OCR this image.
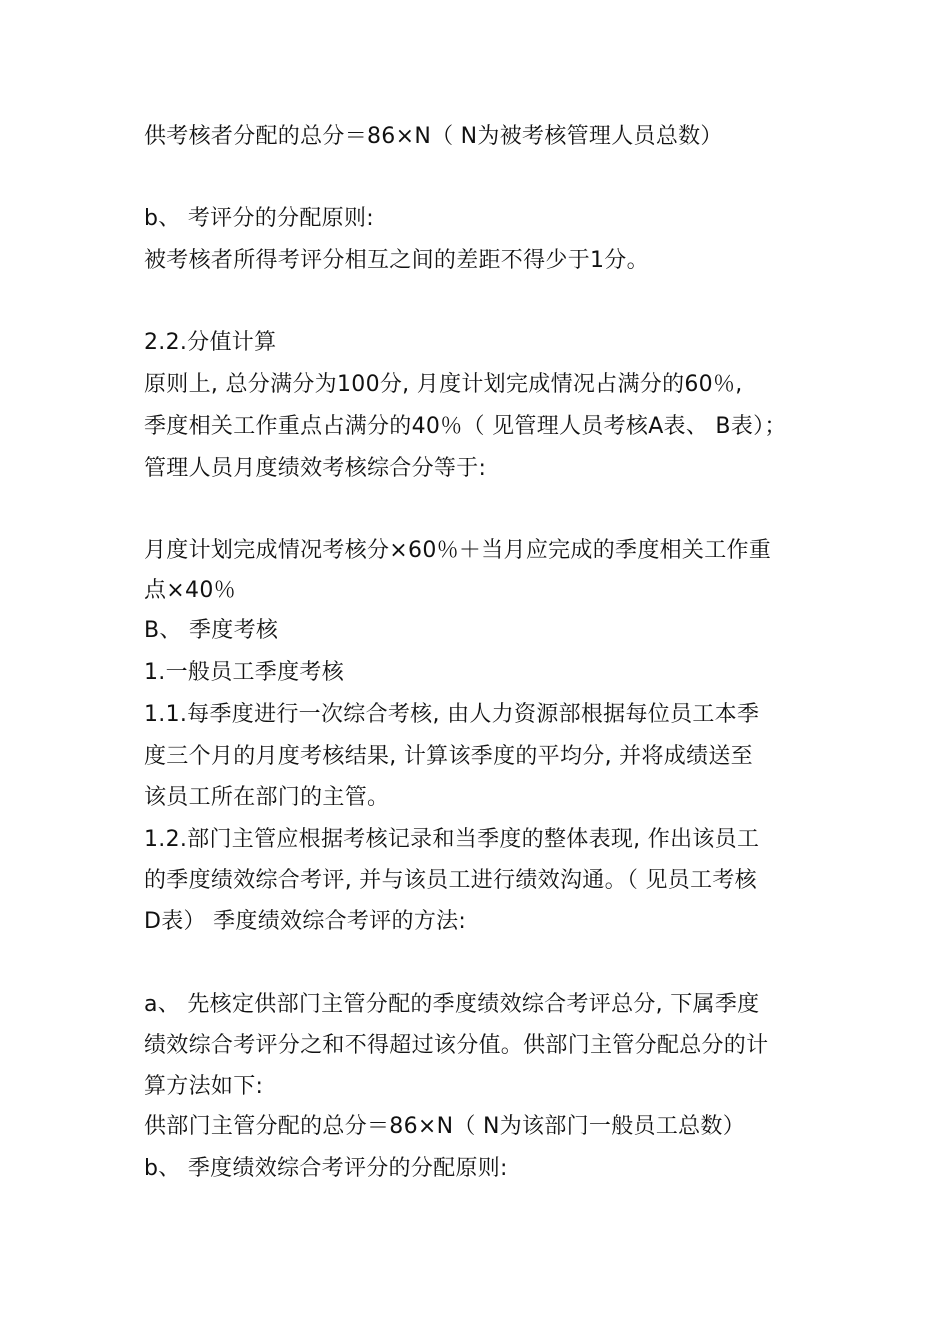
供考核者分配的总分＝86×N（ N为被考核管理人员总数）
b、 考评分的分配原则:
被考核者所得考评分相互之间的差距不得少于1分。
2.2.分值计算
原则上, 总分满分为100分, 月度计划完成情况占满分的60％,
季度相关工作重点占满分的40％（ 见管理人员考核A表、 B表）；
管理人员月度绩效考核综合分等于:
月度计划完成情况考核分×60％＋当月应完成的季度相关工作重
点×40％
B、 季度考核
1.一般员工季度考核
1.1.每季度进行一次综合考核, 由人力资源部根据每位员工本季
度三个月的月度考核结果, 计算该季度的平均分, 并将成绩送至
该员工所在部门的主管。
1.2.部门主管应根据考核记录和当季度的整体表现, 作出该员工
的季度绩效综合考评, 并与该员工进行绩效沟通。（ 见员工考核
D表） 季度绩效综合考评的方法:
a、 先核定供部门主管分配的季度绩效综合考评总分, 下属季度
绩效综合考评分之和不得超过该分值。供部门主管分配总分的计
算方法如下:
供部门主管分配的总分＝86×N（ N为该部门一般员工总数）
b、 季度绩效综合考评分的分配原则:
